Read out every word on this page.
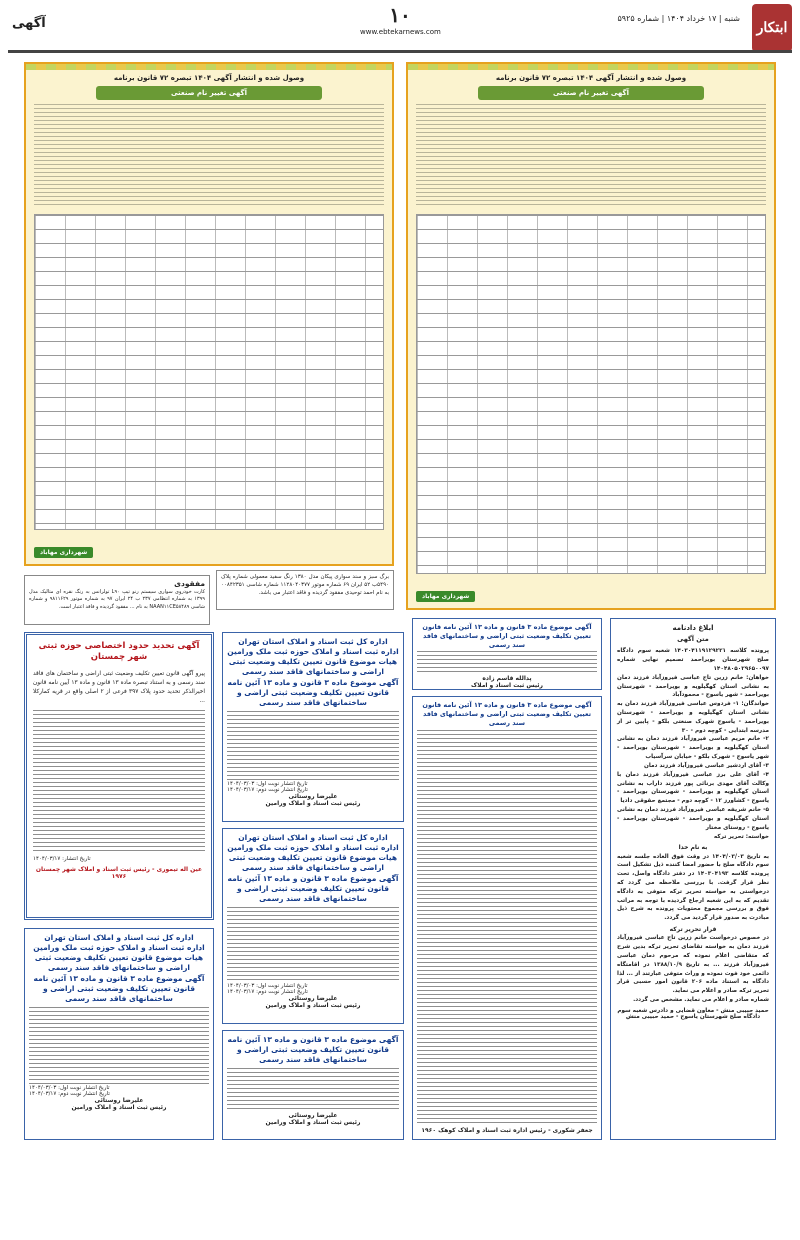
ابتکار
شنبه | ۱۷ خرداد ۱۴۰۴ | شماره ۵۹۲۵
۱۰
www.ebtekarnews.com
آگهی
وصول شده و انتشار آگهی ۱۴۰۴ تبصره ۷۲ قانون برنامه
آگهی تغییر نام صنعتی
شهرداری مهاباد
وصول شده و انتشار آگهی ۱۴۰۴ تبصره ۷۲ قانون برنامه
آگهی تغییر نام صنعتی
شهرداری مهاباد
برگ سبز و سند سواری پیکان مدل ۱۳۸۰ رنگ سفید معمولی شماره پلاک ۵۴۹۰ب ۵۲ ایران ۶۹ شماره موتور ۱۱۲۸۰۴۰۳۷۷ شماره شاسی ۰۰۸۴۲۳۵۱ به نام احمد توحیدی مفقود گردیده و فاقد اعتبار می باشد.
مفقودی
کارت خودروی سواری سیستم رنو تیپ L۹۰ تولرانس به رنگ نقره ای متالیک مدل ۱۳۹۹ به شماره انتظامی ۲۳۷ ب ۲۴ ایران ۹۷ به شماره موتور ۹۸۱۱۶۲۹ و شماره شاسی NAAN۱۱CE۵۸۴۸۹ به نام ... مفقود گردیده و فاقد اعتبار است.
آگهی تحدید حدود اختصاصی حوزه ثبتی شهر چمستان
پیرو آگهی قانون تعیین تکلیف وضعیت ثبتی اراضی و ساختمان های فاقد سند رسمی و به استناد تبصره ماده ۱۳ قانون و ماده ۱۳ آیین نامه قانون اخیرالذکر تحدید حدود پلاک ۳۹۷ فرعی از ۲ اصلی واقع در قریه کمارکلا ...
تاریخ انتشار: ۱۴۰۴/۰۳/۱۷
عین اله تیموری - رئیس ثبت اسناد و املاک شهر چمستان ۱۹۷۶
اداره کل ثبت اسناد و املاک استان تهران
اداره ثبت اسناد و املاک حوزه ثبت ملک ورامین
هیات موضوع قانون تعیین تکلیف وضعیت ثبتی اراضی و ساختمانهای فاقد سند رسمی
آگهی موضوع ماده ۳ قانون و ماده ۱۳ آئین نامه قانون تعیین تکلیف وضعیت ثبتی اراضی و ساختمانهای فاقد سند رسمی
تاریخ انتشار نوبت اول: ۱۴۰۴/۰۳/۰۳
تاریخ انتشار نوبت دوم: ۱۴۰۴/۰۳/۱۷
علیرضا روستائی
رئیس ثبت اسناد و املاک ورامین
اداره کل ثبت اسناد و املاک استان تهران
اداره ثبت اسناد و املاک حوزه ثبت ملک ورامین
هیات موضوع قانون تعیین تکلیف وضعیت ثبتی اراضی و ساختمانهای فاقد سند رسمی
آگهی موضوع ماده ۳ قانون و ماده ۱۳ آئین نامه قانون تعیین تکلیف وضعیت ثبتی اراضی و ساختمانهای فاقد سند رسمی
تاریخ انتشار نوبت اول: ۱۴۰۴/۰۳/۰۳
تاریخ انتشار نوبت دوم: ۱۴۰۴/۰۳/۱۷
علیرضا روستائی
رئیس ثبت اسناد و املاک ورامین
اداره کل ثبت اسناد و املاک استان تهران
اداره ثبت اسناد و املاک حوزه ثبت ملک ورامین
هیات موضوع قانون تعیین تکلیف وضعیت ثبتی اراضی و ساختمانهای فاقد سند رسمی
آگهی موضوع ماده ۳ قانون و ماده ۱۳ آئین نامه قانون تعیین تکلیف وضعیت ثبتی اراضی و ساختمانهای فاقد سند رسمی
تاریخ انتشار نوبت اول: ۱۴۰۴/۰۳/۰۳
تاریخ انتشار نوبت دوم: ۱۴۰۴/۰۳/۱۷
علیرضا روستائی
رئیس ثبت اسناد و املاک ورامین
آگهی موضوع ماده ۳ قانون و ماده ۱۳ آئین نامه قانون تعیین تکلیف وضعیت ثبتی اراضی و ساختمانهای فاقد سند رسمی
علیرضا روستائی
رئیس ثبت اسناد و املاک ورامین
آگهی موضوع ماده ۳ قانون و ماده ۱۳ آئین نامه قانون تعیین تکلیف وضعیت ثبتی اراضی و ساختمانهای فاقد سند رسمی
پدالله قاسم زاده
رئیس ثبت اسناد و املاک
آگهی موضوع ماده ۳ قانون و ماده ۱۳ آئین نامه قانون تعیین تکلیف وضعیت ثبتی اراضی و ساختمانهای فاقد سند رسمی
جعفر شکوری - رئیس اداره ثبت اسناد و املاک کوهک ۱۹۶۰
ابلاغ دادنامه
متن آگهی
پرونده کلاسه ۱۴۰۳۰۴۱۱۹۱۲۹۲۲۱ شعبه سوم دادگاه صلح شهرستان بویراحمد تصمیم نهایی شماره ۱۴۰۴۸۰۵۰۲۹۶۵۰۰۹۷
خواهان: خانم زرین تاج عباسی فیروزآباد فرزند دمان به نشانی استان کهگیلویه و بویراحمد - شهرستان بویراحمد - شهر یاسوج - محمودآباد
خواندگان: ۱- فردوس عباسی فیروزآباد فرزند دمان به نشانی استان کهگیلویه و بویراحمد - شهرستان بویراحمد - یاسوج شهرک صنعتی بلکو - پایین تر از مدرسه ابتدایی - کوچه دوم - ۳۰
۲- خانم مریم عباسی فیروزآباد فرزند دمان به نشانی استان کهگیلویه و بویراحمد - شهرستان بویراحمد - شهر یاسوج - شهرک بلکو - خیابان سرآسیاب
۳- آقای اردشیر عباسی فیروزآباد فرزند دمان
۴- آقای علی برز عباسی فیروزآباد فرزند دمان با وکالت آقای مهدی برنائی پور فرزند داراب به نشانی استان کهگیلویه و بویراحمد - شهرستان بویراحمد - یاسوج - کشاورز ۱۲ - کوچه دوم - مجتمع حقوقی دادیا
۵- خانم شریفه عباسی فیروزآباد فرزند دمان به نشانی استان کهگیلویه و بویراحمد - شهرستان بویراحمد - یاسوج - روستای مختار
خواسته: تحریر ترکه
به نام خدا
به تاریخ ۱۴۰۴/۰۳/۰۳ در وقت فوق العاده جلسه شعبه سوم دادگاه صلح با حضور امضا کننده ذیل تشکیل است پرونده کلاسه ۱۴۰۳۰۴۱۹۳ در دفتر دادگاه واصل، تحت نظر قرار گرفت. با بررسی ملاحظه می گردد که درخواستی به خواسته تحریر ترکه متوفی به دادگاه تقدیم که به این شعبه ارجاع گردیده با توجه به مراتب فوق و بررسی مجموع محتویات پرونده به شرح ذیل مبادرت به صدور قرار گردید می گردد.
قرار تحریر ترکه
در خصوص درخواست خانم زرین تاج عباسی فیروزآباد فرزند دمان به خواسته تقاضای تحریر ترکه بدین شرح که متقاضی اعلام نموده که مرحوم دمان عباسی فیروزآباد فرزند ... به تاریخ ۱۳۸۸/۱۰/۹ در اقامتگاه دائمی خود فوت نموده و وراث متوفی عبارتند از ... لذا دادگاه به استناد ماده ۲۰۶ قانون امور حسبی قرار تحریر ترکه صادر و اعلام می نماید.
شماره صادر و اعلام می نماید. مشخص می گردد.
حمید حبیبی منش - معاون قضایی و دادرس شعبه سوم دادگاه صلح شهرستان یاسوج - حمید حبیبی منش
